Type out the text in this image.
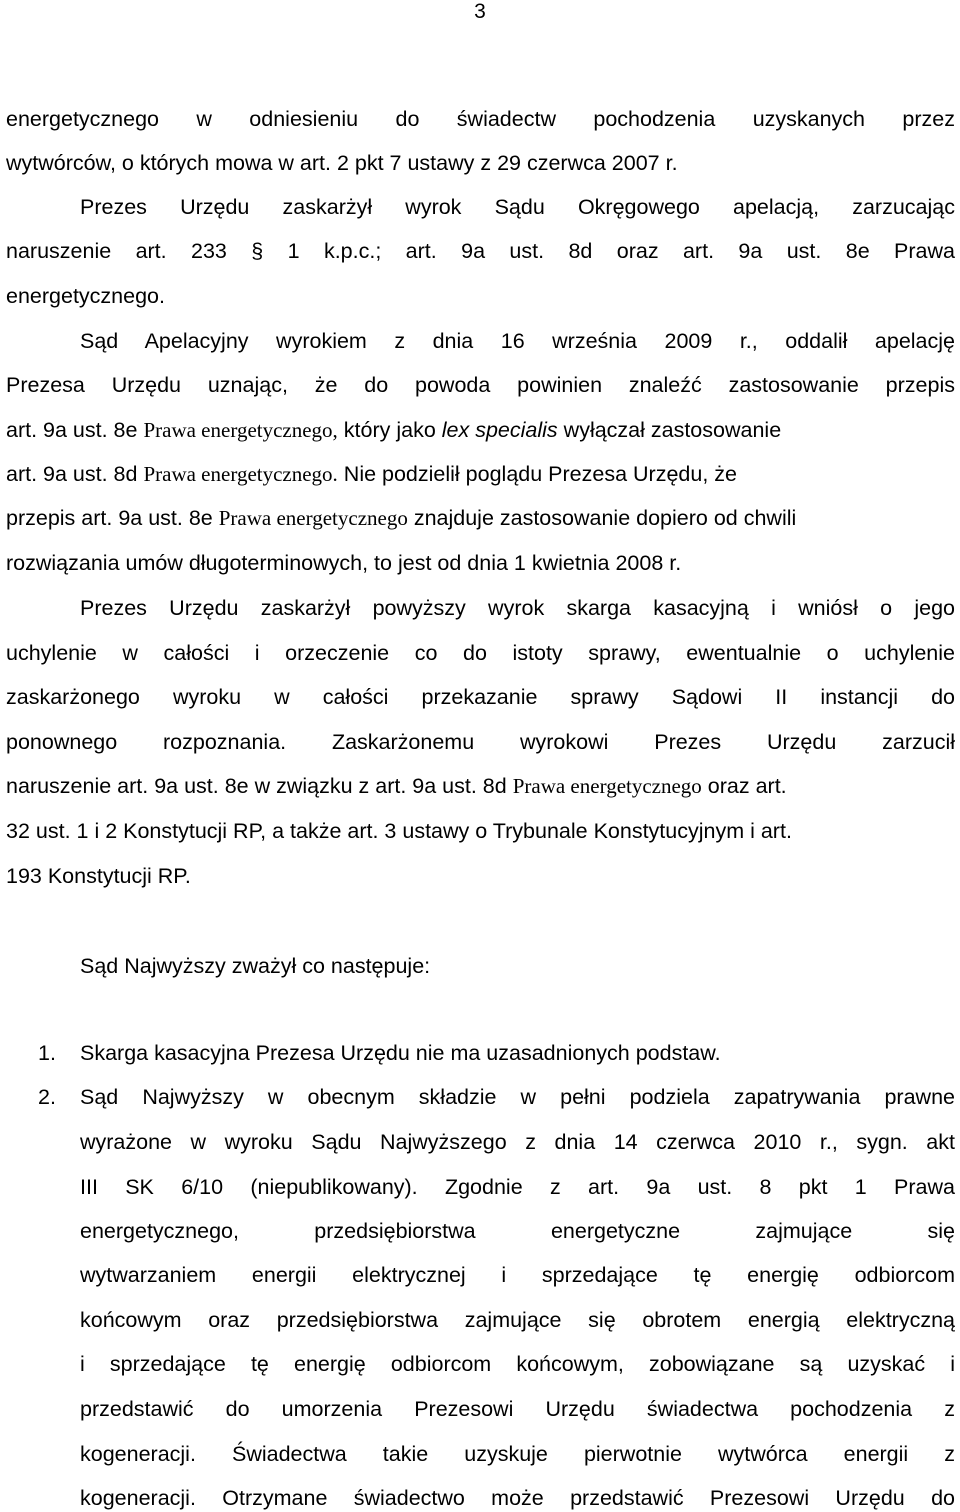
3
energetycznego w odniesieniu do świadectw pochodzenia uzyskanych przez
wytwórców, o których mowa w art. 2 pkt 7 ustawy z 29 czerwca 2007 r.
Prezes Urzędu zaskarżył wyrok Sądu Okręgowego apelacją, zarzucając
naruszenie art. 233 § 1 k.p.c.; art. 9a ust. 8d oraz art. 9a ust. 8e Prawa
energetycznego.
Sąd Apelacyjny wyrokiem z dnia 16 września 2009 r., oddalił apelację
Prezesa Urzędu uznając, że do powoda powinien znaleźć zastosowanie przepis
art. 9a ust. 8e Prawa energetycznego, który jako lex specialis wyłączał zastosowanie
art. 9a ust. 8d Prawa energetycznego. Nie podzielił poglądu Prezesa Urzędu, że
przepis art. 9a ust. 8e Prawa energetycznego znajduje zastosowanie dopiero od chwili
rozwiązania umów długoterminowych, to jest od dnia 1 kwietnia 2008 r.
Prezes Urzędu zaskarżył powyższy wyrok skarga kasacyjną i wniósł o jego
uchylenie w całości i orzeczenie co do istoty sprawy, ewentualnie o uchylenie
zaskarżonego wyroku w całości przekazanie sprawy Sądowi II instancji do
ponownego rozpoznania. Zaskarżonemu wyrokowi Prezes Urzędu zarzucił
naruszenie art. 9a ust. 8e w związku z art. 9a ust. 8d Prawa energetycznego oraz art.
32 ust. 1 i 2 Konstytucji RP, a także art. 3 ustawy o Trybunale Konstytucyjnym i art.
193 Konstytucji RP.
Sąd Najwyższy zważył co następuje:
1.	Skarga kasacyjna Prezesa Urzędu nie ma uzasadnionych podstaw.
2.	Sąd Najwyższy w obecnym składzie w pełni podziela zapatrywania prawne
wyrażone w wyroku Sądu Najwyższego z dnia 14 czerwca 2010 r., sygn. akt
III SK 6/10 (niepublikowany). Zgodnie z art. 9a ust. 8 pkt 1 Prawa
energetycznego, przedsiębiorstwa energetyczne zajmujące się
wytwarzaniem energii elektrycznej i sprzedające tę energię odbiorcom
końcowym oraz przedsiębiorstwa zajmujące się obrotem energią elektryczną
i sprzedające tę energię odbiorcom końcowym, zobowiązane są uzyskać i
przedstawić do umorzenia Prezesowi Urzędu świadectwa pochodzenia z
kogeneracji. Świadectwa takie uzyskuje pierwotnie wytwórca energii z
kogeneracji. Otrzymane świadectwo może przedstawić Prezesowi Urzędu do
